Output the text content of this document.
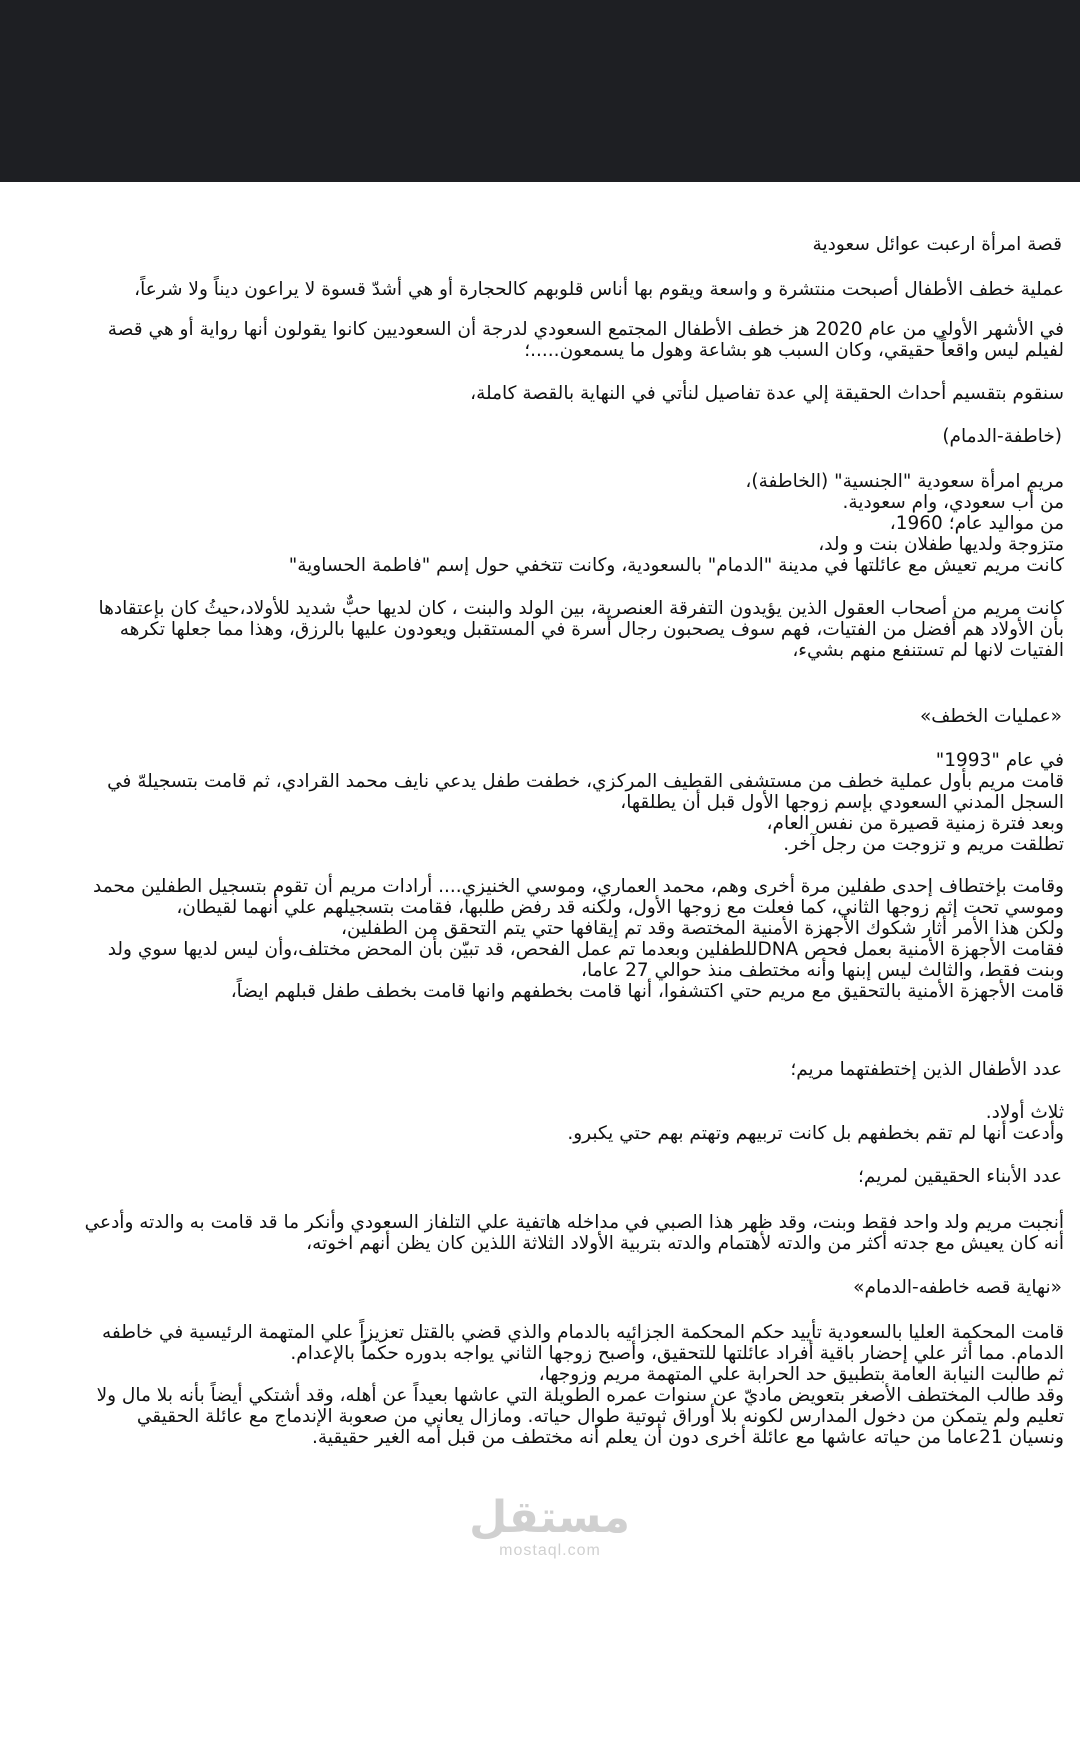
قصة امرأة ارعبت عوائل سعودية
عملية خطف الأطفال أصبحت منتشرة و واسعة ويقوم بها أناس قلوبهم كالحجارة أو هي أشدّ قسوة لا يراعون ديناً ولا شرعاً،
في الأشهر الأولي من عام 2020 هز خطف الأطفال المجتمع السعودي لدرجة أن السعوديين كانوا يقولون أنها رواية أو هي قصة
لفيلم ليس واقعاً حقيقي، وكان السبب هو بشاعة وهول ما يسمعون.....؛
سنقوم بتقسيم أحداث الحقيقة إلي عدة تفاصيل لنأتي في النهاية بالقصة كاملة،
(خاطفة-الدمام)
مريم امرأة سعودية "الجنسية" (الخاطفة)،
من أب سعودي، وام سعودية.
من مواليد عام؛ 1960،
متزوجة ولديها طفلان بنت و ولد،
كانت مريم تعيش مع عائلتها في مدينة "الدمام" بالسعودية، وكانت تتخفي حول إسم "فاطمة الحساوية"
كانت مريم من أصحاب العقول الذين يؤيدون التفرقة العنصرية، بين الولد والبنت ، كان لديها حبٌّ شديد للأولاد،حيثُ كان بإعتقادها
بأن الأولاد هم أفضل من الفتيات، فهم سوف يصحبون رجال أسرة في المستقبل ويعودون عليها بالرزق، وهذا مما جعلها تكرهه
الفتيات لانها لم تستنفع منهم بشيء،
«عمليات الخطف»
في عام "1993"
قامت مريم بأول عملية خطف من مستشفى القطيف المركزي، خطفت طفل يدعي نايف محمد القرادي، ثم قامت بتسجيلهّ في
السجل المدني السعودي بإسم زوجها الأول قبل أن يطلقها،
وبعد فترة زمنية قصيرة من نفس العام،
تطلقت مريم و تزوجت من رجل آخر.
وقامت بإختطاف إحدى طفلين مرة أخرى وهم، محمد العماري، وموسي الخنيزي.... أرادات مريم أن تقوم بتسجيل الطفلين محمد
وموسي تحت إثم زوجها الثاني، كما فعلت مع زوجها الأول، ولكنه قد رفض طلبها، فقامت بتسجيلهم علي أنهما لقيطان،
ولكن هذا الأمر أثار شكوك الأجهزة الأمنية المختصة وقد تم إيقافها حتي يتم التحقق من الطفلين،
فقامت الأجهزة الأمنية بعمل فحص DNAللطفلين وبعدما تم عمل الفحص، قد تبيّن بأن المحض مختلف،وأن ليس لديها سوي ولد
وبنت فقط، والثالث ليس إبنها وأنه مختطف منذ حوالي 27 عاما،
قامت الأجهزة الأمنية بالتحقيق مع مريم حتي اكتشفوا، أنها قامت بخطفهم وانها قامت بخطف طفل قبلهم ايضاً،
عدد الأطفال الذين إختطفتهما مريم؛
ثلاث أولاد.
وأدعت أنها لم تقم بخطفهم بل كانت تربيهم وتهتم بهم حتي يكبرو.
عدد الأبناء الحقيقين لمريم؛
أنجبت مريم ولد واحد فقط وبنت، وقد ظهر هذا الصبي في مداخله هاتفية علي التلفاز السعودي وأنكر ما قد قامت به والدته وأدعي
أنه كان يعيش مع جدته أكثر من والدته لأهتمام والدته بتربية الأولاد الثلاثة اللذين كان يظن أنهم اخوته،
«نهاية قصه خاطفه-الدمام»
قامت المحكمة العليا بالسعودية تأييد حكم المحكمة الجزائيه بالدمام والذي قضي بالقتل تعزيزاً علي المتهمة الرئيسية في خاطفه
الدمام. مما أثر علي إحضار باقية أفراد عائلتها للتحقيق، وأصبح زوجها الثاني يواجه بدوره حكماً بالإعدام.
ثم طالبت النيابة العامة بتطبيق حد الحرابة علي المتهمة مريم وزوجها،
وقد طالب المختطف الأصغر بتعويض ماديّ عن سنوات عمره الطويلة التي عاشها بعيداً عن أهله، وقد أشتكي أيضاً بأنه بلا مال ولا
تعليم ولم يتمكن من دخول المدارس لكونه بلا أوراق ثبوتية طوال حياته. ومازال يعاني من صعوبة الإندماج مع عائلة الحقيقي
ونسيان 21عاما من حياته عاشها مع عائلة أخرى دون أن يعلم أنه مختطف من قبل أمه الغير حقيقية.
مستقل
mostaql.com
